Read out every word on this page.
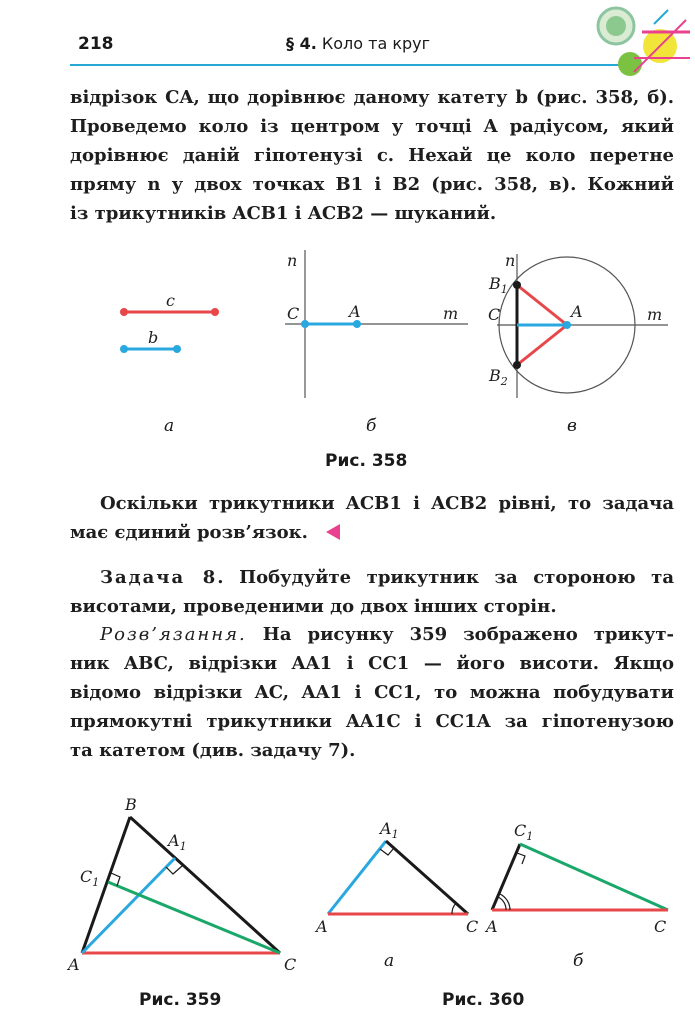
218	§ 4. Коло та круг
відрізок CA, що дорівнює даному катету b (рис. 358, б).
Проведемо коло із центром у точці A радіусом, який
дорівнює даній гіпотенузі c. Нехай це коло перетне
пряму n у двох точках B1 і B2 (рис. 358, в). Кожний
із трикутників ACB1 і ACB2 — шуканий.
c
b
n
C	A	m
n
$B_1$
C	A	m
$B_2$
а	б	в
Рис. 358
Оскільки трикутники ACB1 і ACB2 рівні, то задача
має єдиний розв’язок.
Задача 8. Побудуйте трикутник за стороною та
висотами, проведеними до двох інших сторін.
Розв’язання. На рисунку 359 зображено трикут-
ник ABC, відрізки AA1 і CC1 — його висоти. Якщо
відомо відрізки AC, AA1 і CC1, то можна побудувати
прямокутні трикутники AA1C і CC1A за гіпотенузою
та катетом (див. задачу 7).
B
$A_1$
$C_1$
A	C
Рис. 359
$A_1$
A	C
$C_1$
A	C
а	б
Рис. 360
